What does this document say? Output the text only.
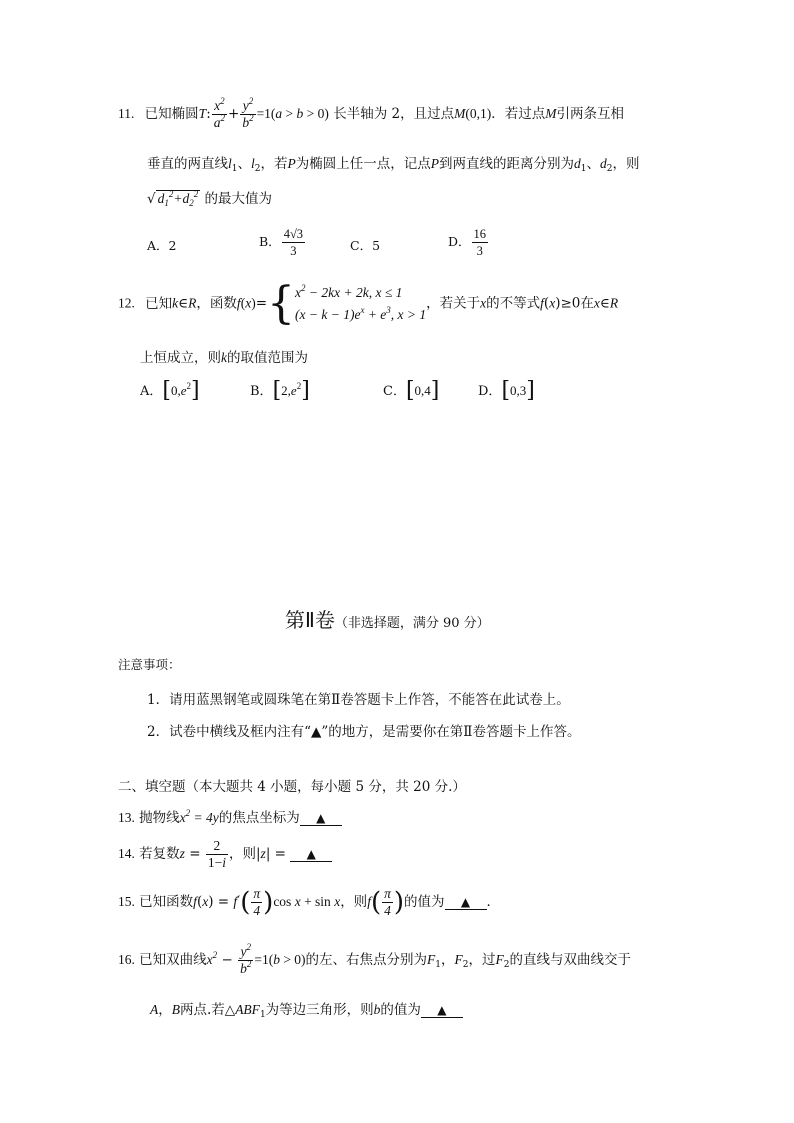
11. 已知椭圆T: $\frac{x^2}{a^2} + \frac{y^2}{b^2} =1(a > b > 0)$ 长半轴为 2，且过点M(0,1)．若过点M引两条互相
垂直的两直线$l_1$、$l_2$，若P为椭圆上任一点，记点P到两直线的距离分别为$d_1$、$d_2$，则
√ $d_1^2+d_2^2$ 的最大值为
A．2	B． $\frac{4√3}{3}$	C．5	D． $\frac{16}{3}$
12. 已知k∈R，函数f(x)={ $x^2 - 2kx + 2k$, x ≤ 1
$(x - k - 1)e^x + e^3$, x > 1
，若关于x的不等式f(x)≥0在x∈R
上恒成立，则k的取值范围为
A．$[0,e^2]$	B．$[2,e^2]$	C．[0,4]	D．[0,3]
第Ⅱ卷（非选择题，满分 90 分）
注意事项：
1．请用蓝黑钢笔或圆珠笔在第Ⅱ卷答题卡上作答，不能答在此试卷上。
2．试卷中横线及框内注有“▲”的地方，是需要你在第Ⅱ卷答题卡上作答。
二、填空题（本大题共 4 小题，每小题 5 分，共 20 分.）
13. 抛物线$x^2 = 4y$的焦点坐标为 ▲
14. 若复数$z = \frac{2}{1-i}$ ，则|z| = ▲
15. 已知函数$f(x) = f'( \frac{\pi}{4} )\cos$ x + sin x，则$f( \frac{\pi}{4}$ )的值为 ▲ ．
16. 已知双曲线$x^2 - \frac{y^2}{b^2} =1(b > 0)$的左、右焦点分别为$F_1$，$F_2$，过$F_2$的直线与双曲线交于
A，B两点.若$\triangle ABF_1$为等边三角形，则b的值为 ▲
